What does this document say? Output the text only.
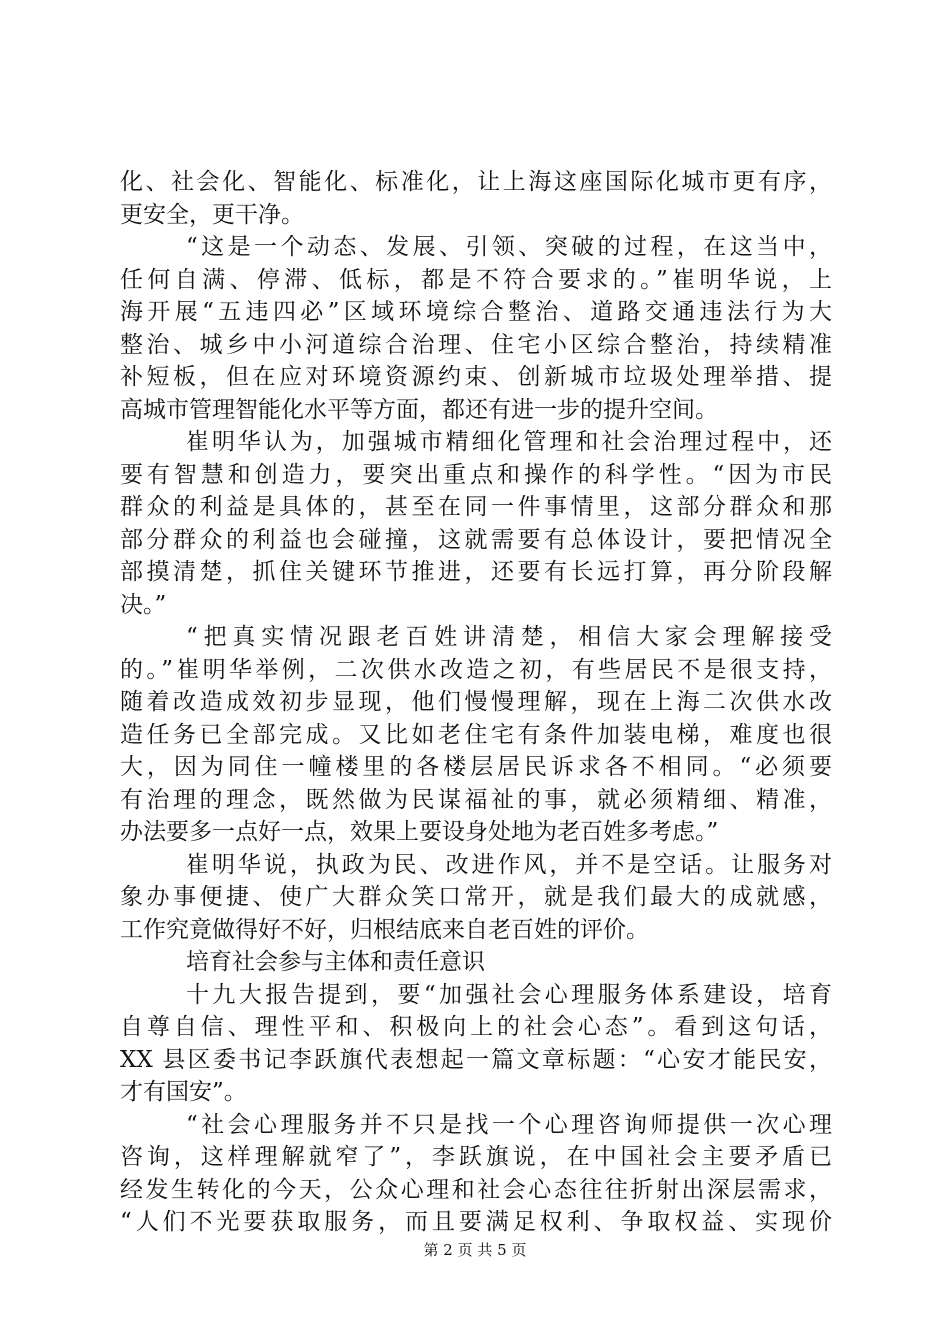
化、社会化、智能化、标准化，让上海这座国际化城市更有序，
更安全，更干净。
“这是一个动态、发展、引领、突破的过程，在这当中，
任何自满、停滞、低标，都是不符合要求的。”崔明华说，上
海开展“五违四必”区域环境综合整治、道路交通违法行为大
整治、城乡中小河道综合治理、住宅小区综合整治，持续精准
补短板，但在应对环境资源约束、创新城市垃圾处理举措、提
高城市管理智能化水平等方面，都还有进一步的提升空间。
崔明华认为，加强城市精细化管理和社会治理过程中，还
要有智慧和创造力，要突出重点和操作的科学性。“因为市民
群众的利益是具体的，甚至在同一件事情里，这部分群众和那
部分群众的利益也会碰撞，这就需要有总体设计，要把情况全
部摸清楚，抓住关键环节推进，还要有长远打算，再分阶段解
决。”
“把真实情况跟老百姓讲清楚，相信大家会理解接受
的。”崔明华举例，二次供水改造之初，有些居民不是很支持，
随着改造成效初步显现，他们慢慢理解，现在上海二次供水改
造任务已全部完成。又比如老住宅有条件加装电梯，难度也很
大，因为同住一幢楼里的各楼层居民诉求各不相同。“必须要
有治理的理念，既然做为民谋福祉的事，就必须精细、精准，
办法要多一点好一点，效果上要设身处地为老百姓多考虑。”
崔明华说，执政为民、改进作风，并不是空话。让服务对
象办事便捷、使广大群众笑口常开，就是我们最大的成就感，
工作究竟做得好不好，归根结底来自老百姓的评价。
培育社会参与主体和责任意识
十九大报告提到，要“加强社会心理服务体系建设，培育
自尊自信、理性平和、积极向上的社会心态”。看到这句话，
XX 县区委书记李跃旗代表想起一篇文章标题：“心安才能民安，
才有国安”。
“社会心理服务并不只是找一个心理咨询师提供一次心理
咨询，这样理解就窄了”，李跃旗说，在中国社会主要矛盾已
经发生转化的今天，公众心理和社会心态往往折射出深层需求，
“人们不光要获取服务，而且要满足权利、争取权益、实现价
第 2 页 共 5 页
